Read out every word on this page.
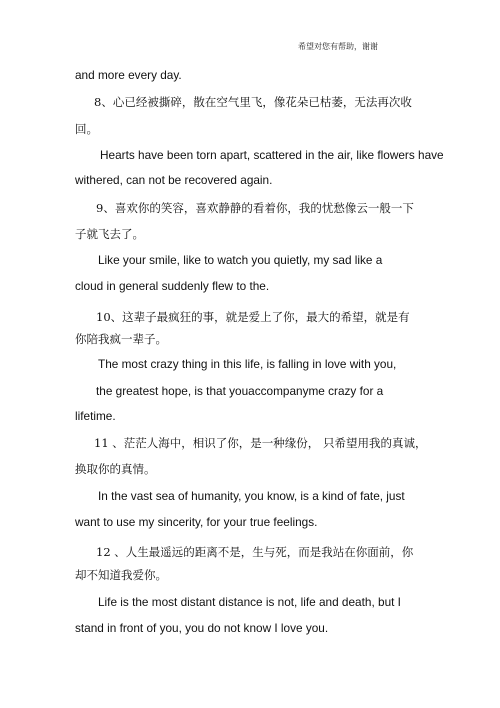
希望对您有帮助，谢谢

and more every day.

8、心已经被撕碎，散在空气里飞，像花朵已枯萎，无法再次收

回。

Hearts have been torn apart, scattered in the air, like flowers have

withered, can not be recovered again.

9、喜欢你的笑容，喜欢静静的看着你，我的忧愁像云一般一下

子就飞去了。

Like your smile, like to watch you quietly, my sad like a

cloud in general suddenly flew to the.

10、这辈子最疯狂的事，就是爱上了你，最大的希望，就是有

你陪我疯一辈子。

The most crazy thing in this life, is falling in love with you,

the greatest hope, is that youaccompanyme crazy for a

lifetime.

11 、茫茫人海中，相识了你，是一种缘份， 只希望用我的真诚，

换取你的真情。

In the vast sea of humanity, you know, is a kind of fate, just

want to use my sincerity, for your true feelings.

12 、人生最遥远的距离不是，生与死，而是我站在你面前，你

却不知道我爱你。

Life is the most distant distance is not, life and death, but I

stand in front of you, you do not know I love you.
